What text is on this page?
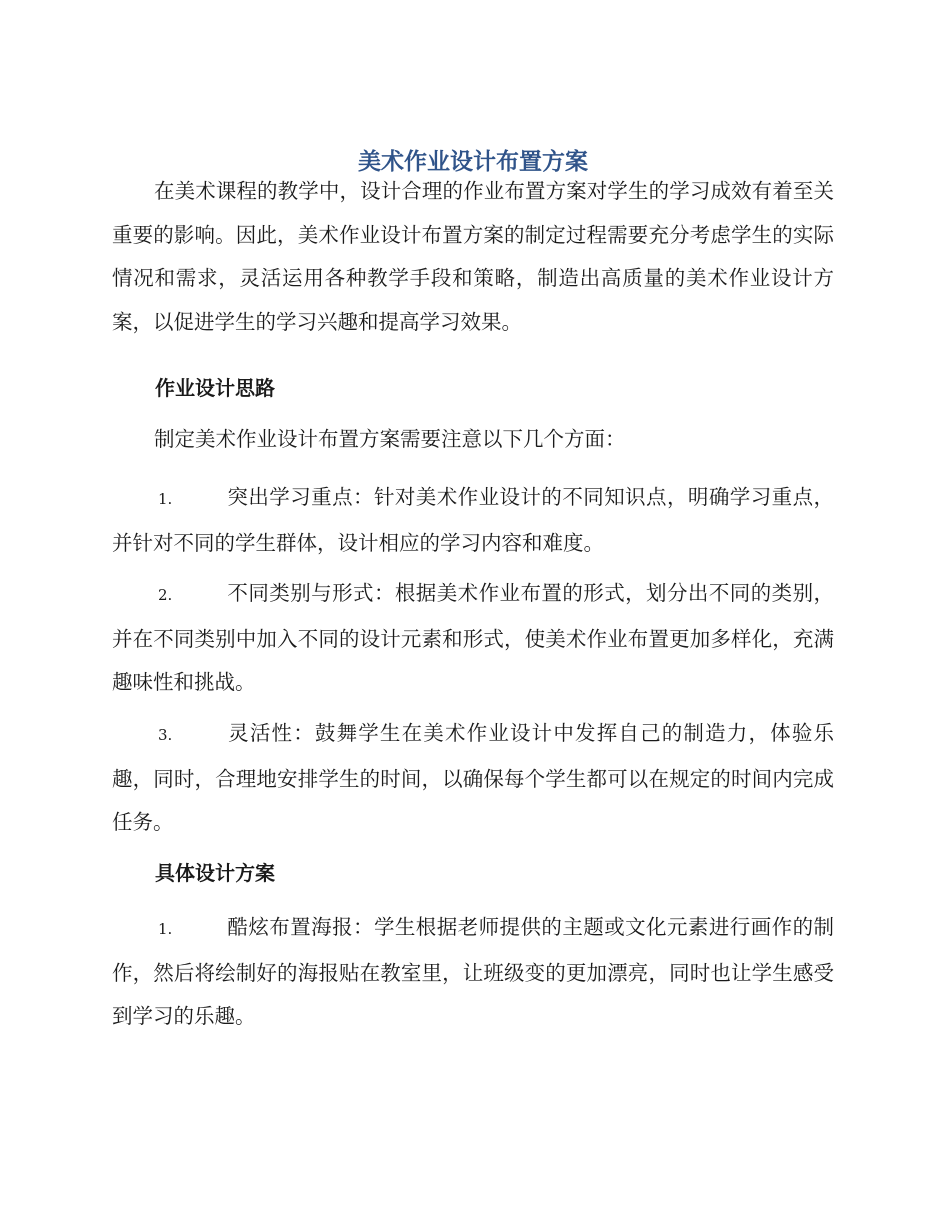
美术作业设计布置方案

在美术课程的教学中，设计合理的作业布置方案对学生的学习成效有着至关重要的影响。因此，美术作业设计布置方案的制定过程需要充分考虑学生的实际情况和需求，灵活运用各种教学手段和策略，制造出高质量的美术作业设计方案，以促进学生的学习兴趣和提高学习效果。

作业设计思路

制定美术作业设计布置方案需要注意以下几个方面：

1.	突出学习重点：针对美术作业设计的不同知识点，明确学习重点，并针对不同的学生群体，设计相应的学习内容和难度。

2.	不同类别与形式：根据美术作业布置的形式，划分出不同的类别，并在不同类别中加入不同的设计元素和形式，使美术作业布置更加多样化，充满趣味性和挑战。

3.	灵活性：鼓舞学生在美术作业设计中发挥自己的制造力，体验乐趣，同时，合理地安排学生的时间，以确保每个学生都可以在规定的时间内完成任务。

具体设计方案

1.	酷炫布置海报：学生根据老师提供的主题或文化元素进行画作的制作，然后将绘制好的海报贴在教室里，让班级变的更加漂亮，同时也让学生感受到学习的乐趣。
